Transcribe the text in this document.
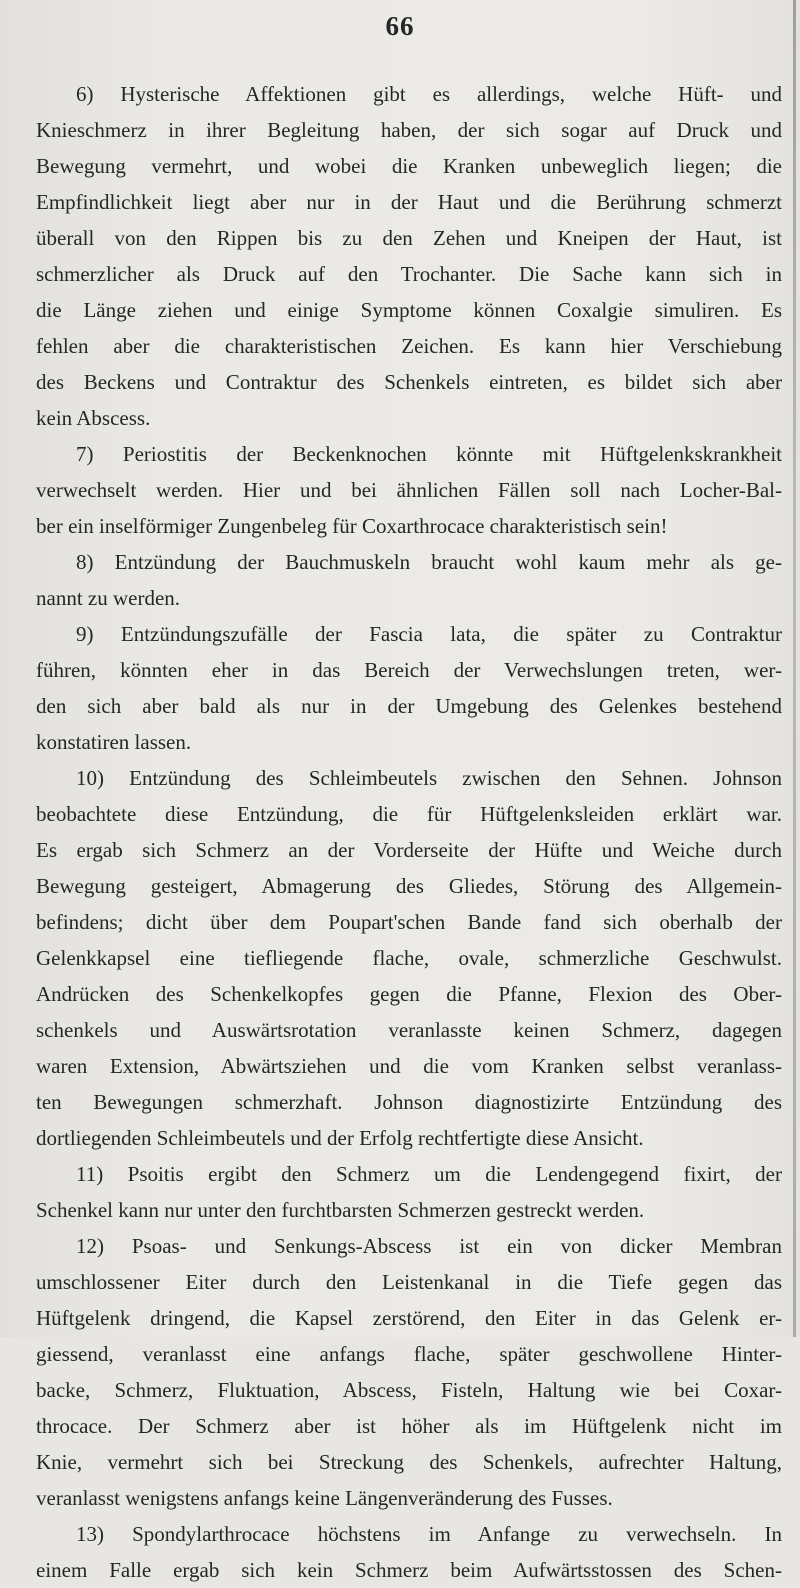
66
6) Hysterische Affektionen gibt es allerdings, welche Hüft- und
Knieschmerz in ihrer Begleitung haben, der sich sogar auf Druck und
Bewegung vermehrt, und wobei die Kranken unbeweglich liegen; die
Empfindlichkeit liegt aber nur in der Haut und die Berührung schmerzt
überall von den Rippen bis zu den Zehen und Kneipen der Haut, ist
schmerzlicher als Druck auf den Trochanter. Die Sache kann sich in
die Länge ziehen und einige Symptome können Coxalgie simuliren. Es
fehlen aber die charakteristischen Zeichen. Es kann hier Verschiebung
des Beckens und Contraktur des Schenkels eintreten, es bildet sich aber
kein Abscess.
7) Periostitis der Beckenknochen könnte mit Hüftgelenkskrankheit
verwechselt werden. Hier und bei ähnlichen Fällen soll nach Locher-Bal-
ber ein inselförmiger Zungenbeleg für Coxarthrocace charakteristisch sein!
8) Entzündung der Bauchmuskeln braucht wohl kaum mehr als ge-
nannt zu werden.
9) Entzündungszufälle der Fascia lata, die später zu Contraktur
führen, könnten eher in das Bereich der Verwechslungen treten, wer-
den sich aber bald als nur in der Umgebung des Gelenkes bestehend
konstatiren lassen.
10) Entzündung des Schleimbeutels zwischen den Sehnen. Johnson
beobachtete diese Entzündung, die für Hüftgelenksleiden erklärt war.
Es ergab sich Schmerz an der Vorderseite der Hüfte und Weiche durch
Bewegung gesteigert, Abmagerung des Gliedes, Störung des Allgemein-
befindens; dicht über dem Poupart'schen Bande fand sich oberhalb der
Gelenkkapsel eine tiefliegende flache, ovale, schmerzliche Geschwulst.
Andrücken des Schenkelkopfes gegen die Pfanne, Flexion des Ober-
schenkels und Auswärtsrotation veranlasste keinen Schmerz, dagegen
waren Extension, Abwärtsziehen und die vom Kranken selbst veranlass-
ten Bewegungen schmerzhaft. Johnson diagnostizirte Entzündung des
dortliegenden Schleimbeutels und der Erfolg rechtfertigte diese Ansicht.
11) Psoitis ergibt den Schmerz um die Lendengegend fixirt, der
Schenkel kann nur unter den furchtbarsten Schmerzen gestreckt werden.
12) Psoas- und Senkungs-Abscess ist ein von dicker Membran
umschlossener Eiter durch den Leistenkanal in die Tiefe gegen das
Hüftgelenk dringend, die Kapsel zerstörend, den Eiter in das Gelenk er-
giessend, veranlasst eine anfangs flache, später geschwollene Hinter-
backe, Schmerz, Fluktuation, Abscess, Fisteln, Haltung wie bei Coxar-
throcace. Der Schmerz aber ist höher als im Hüftgelenk nicht im
Knie, vermehrt sich bei Streckung des Schenkels, aufrechter Haltung,
veranlasst wenigstens anfangs keine Längenveränderung des Fusses.
13) Spondylarthrocace höchstens im Anfange zu verwechseln. In
einem Falle ergab sich kein Schmerz beim Aufwärtsstossen des Schen-
